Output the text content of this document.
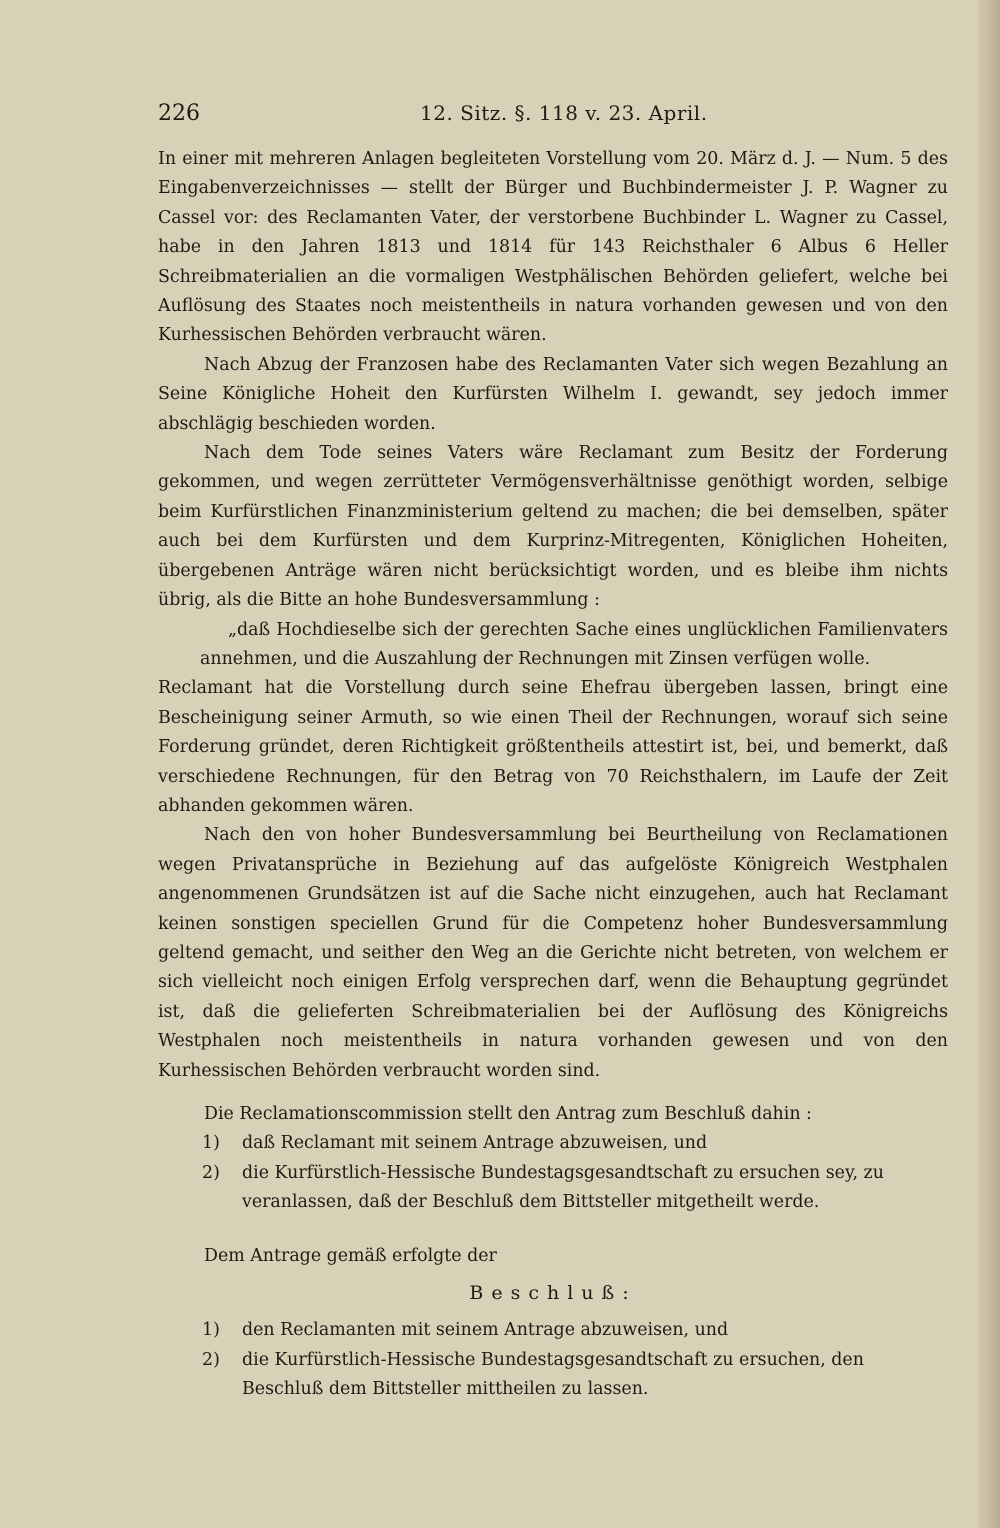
226	12. Sitz. §. 118 v. 23. April.

In einer mit mehreren Anlagen begleiteten Vorstellung vom 20. März d. J. — Num. 5 des Eingabenverzeichnisses — stellt der Bürger und Buchbindermeister J. P. Wagner zu Cassel vor: des Reclamanten Vater, der verstorbene Buchbinder L. Wagner zu Cassel, habe in den Jahren 1813 und 1814 für 143 Reichsthaler 6 Albus 6 Heller Schreibmaterialien an die vormaligen Westphälischen Behörden geliefert, welche bei Auflösung des Staates noch meistentheils in natura vorhanden gewesen und von den Kurhessischen Behörden verbraucht wären.

Nach Abzug der Franzosen habe des Reclamanten Vater sich wegen Bezahlung an Seine Königliche Hoheit den Kurfürsten Wilhelm I. gewandt, sey jedoch immer abschlägig beschieden worden.

Nach dem Tode seines Vaters wäre Reclamant zum Besitz der Forderung gekommen, und wegen zerrütteter Vermögensverhältnisse genöthigt worden, selbige beim Kurfürstlichen Finanzministerium geltend zu machen; die bei demselben, später auch bei dem Kurfürsten und dem Kurprinz-Mitregenten, Königlichen Hoheiten, übergebenen Anträge wären nicht berücksichtigt worden, und es bleibe ihm nichts übrig, als die Bitte an hohe Bundesversammlung :

„daß Hochdieselbe sich der gerechten Sache eines unglücklichen Familienvaters annehmen, und die Auszahlung der Rechnungen mit Zinsen verfügen wolle.

Reclamant hat die Vorstellung durch seine Ehefrau übergeben lassen, bringt eine Bescheinigung seiner Armuth, so wie einen Theil der Rechnungen, worauf sich seine Forderung gründet, deren Richtigkeit größtentheils attestirt ist, bei, und bemerkt, daß verschiedene Rechnungen, für den Betrag von 70 Reichsthalern, im Laufe der Zeit abhanden gekommen wären.

Nach den von hoher Bundesversammlung bei Beurtheilung von Reclamationen wegen Privatansprüche in Beziehung auf das aufgelöste Königreich Westphalen angenommenen Grundsätzen ist auf die Sache nicht einzugehen, auch hat Reclamant keinen sonstigen speciellen Grund für die Competenz hoher Bundesversammlung geltend gemacht, und seither den Weg an die Gerichte nicht betreten, von welchem er sich vielleicht noch einigen Erfolg versprechen darf, wenn die Behauptung gegründet ist, daß die gelieferten Schreibmaterialien bei der Auflösung des Königreichs Westphalen noch meistentheils in natura vorhanden gewesen und von den Kurhessischen Behörden verbraucht worden sind.

Die Reclamationscommission stellt den Antrag zum Beschluß dahin :

1)	daß Reclamant mit seinem Antrage abzuweisen, und
2)	die Kurfürstlich-Hessische Bundestagsgesandtschaft zu ersuchen sey, zu veranlassen, daß der Beschluß dem Bittsteller mitgetheilt werde.

Dem Antrage gemäß erfolgte der

Beschluß:
1)	den Reclamanten mit seinem Antrage abzuweisen, und
2)	die Kurfürstlich-Hessische Bundestagsgesandtschaft zu ersuchen, den Beschluß dem Bittsteller mittheilen zu lassen.
